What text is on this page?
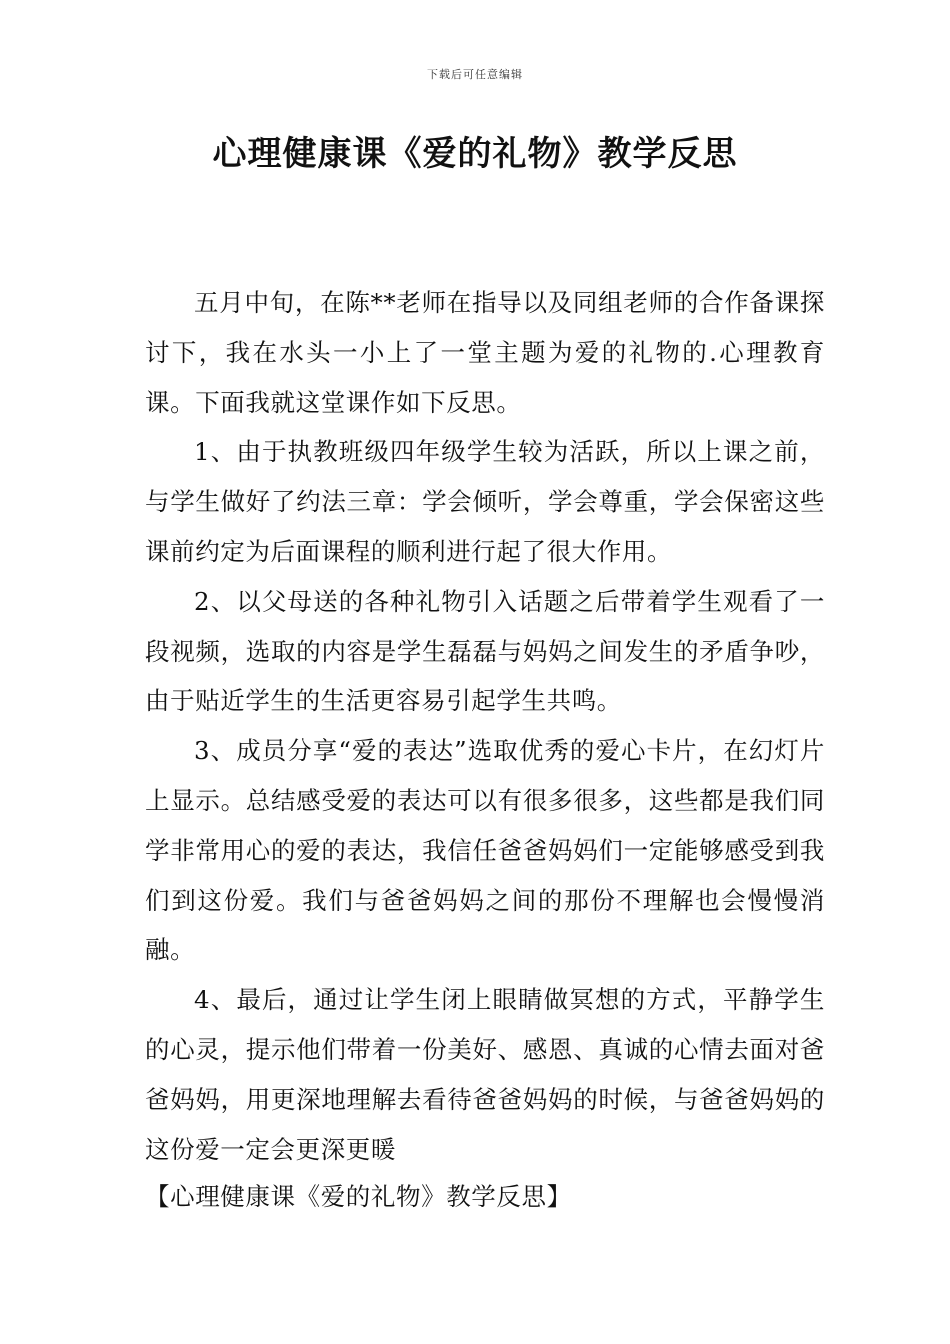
下载后可任意编辑
心理健康课《爱的礼物》教学反思

五月中旬，在陈**老师在指导以及同组老师的合作备课探讨下，我在水头一小上了一堂主题为爱的礼物的.心理教育课。下面我就这堂课作如下反思。

1、由于执教班级四年级学生较为活跃，所以上课之前，与学生做好了约法三章：学会倾听，学会尊重，学会保密这些课前约定为后面课程的顺利进行起了很大作用。

2、以父母送的各种礼物引入话题之后带着学生观看了一段视频，选取的内容是学生磊磊与妈妈之间发生的矛盾争吵，由于贴近学生的生活更容易引起学生共鸣。

3、成员分享“爱的表达”选取优秀的爱心卡片，在幻灯片上显示。总结感受爱的表达可以有很多很多，这些都是我们同学非常用心的爱的表达，我信任爸爸妈妈们一定能够感受到我们到这份爱。我们与爸爸妈妈之间的那份不理解也会慢慢消融。

4、最后，通过让学生闭上眼睛做冥想的方式，平静学生的心灵，提示他们带着一份美好、感恩、真诚的心情去面对爸爸妈妈，用更深地理解去看待爸爸妈妈的时候，与爸爸妈妈的这份爱一定会更深更暖

【心理健康课《爱的礼物》教学反思】
